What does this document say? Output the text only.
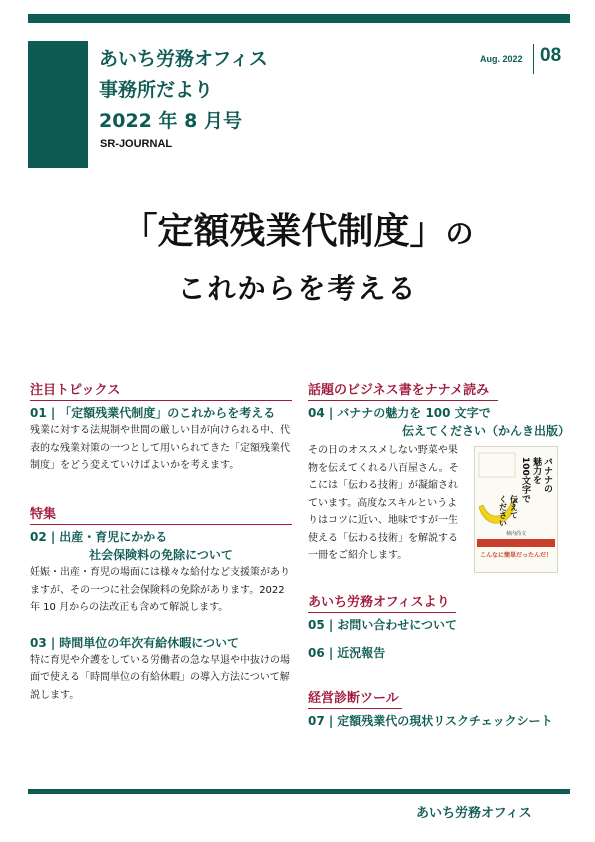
あいち労務オフィス
事務所だより
2022 年 8 月号
SR-JOURNAL
Aug. 2022 08
「定額残業代制度」の
これからを考える
注目トピックス
01 | 「定額残業代制度」のこれからを考える
残業に対する法規制や世間の厳しい目が向けられる中、代表的な残業対策の一つとして用いられてきた「定額残業代制度」をどう変えていけばよいかを考えます。
特集
02 | 出産・育児にかかる
社会保険料の免除について
妊娠・出産・育児の場面には様々な給付など支援策がありますが、その一つに社会保険料の免除があります。2022 年 10 月からの法改正も含めて解説します。
03 | 時間単位の年次有給休暇について
特に育児や介護をしている労働者の急な早退や中抜けの場面で使える「時間単位の有給休暇」の導入方法について解説します。
話題のビジネス書をナナメ読み
04 | バナナの魅力を 100 文字で
伝えてください（かんき出版）
その日のオススメしない野菜や果物を伝えてくれる八百屋さん。そこには「伝わる技術」が凝縮されています。高度なスキルというよりはコツに近い、地味ですが一生使える「伝わる技術」を解説する一冊をご紹介します。
バナナの
魅力を
100 文字で
伝えて
ください
柿内尚文
こんなに簡単だったんだ！
あいち労務オフィスより
05 | お問い合わせについて
06 | 近況報告
経営診断ツール
07 | 定額残業代の現状リスクチェックシート
あいち労務オフィス
